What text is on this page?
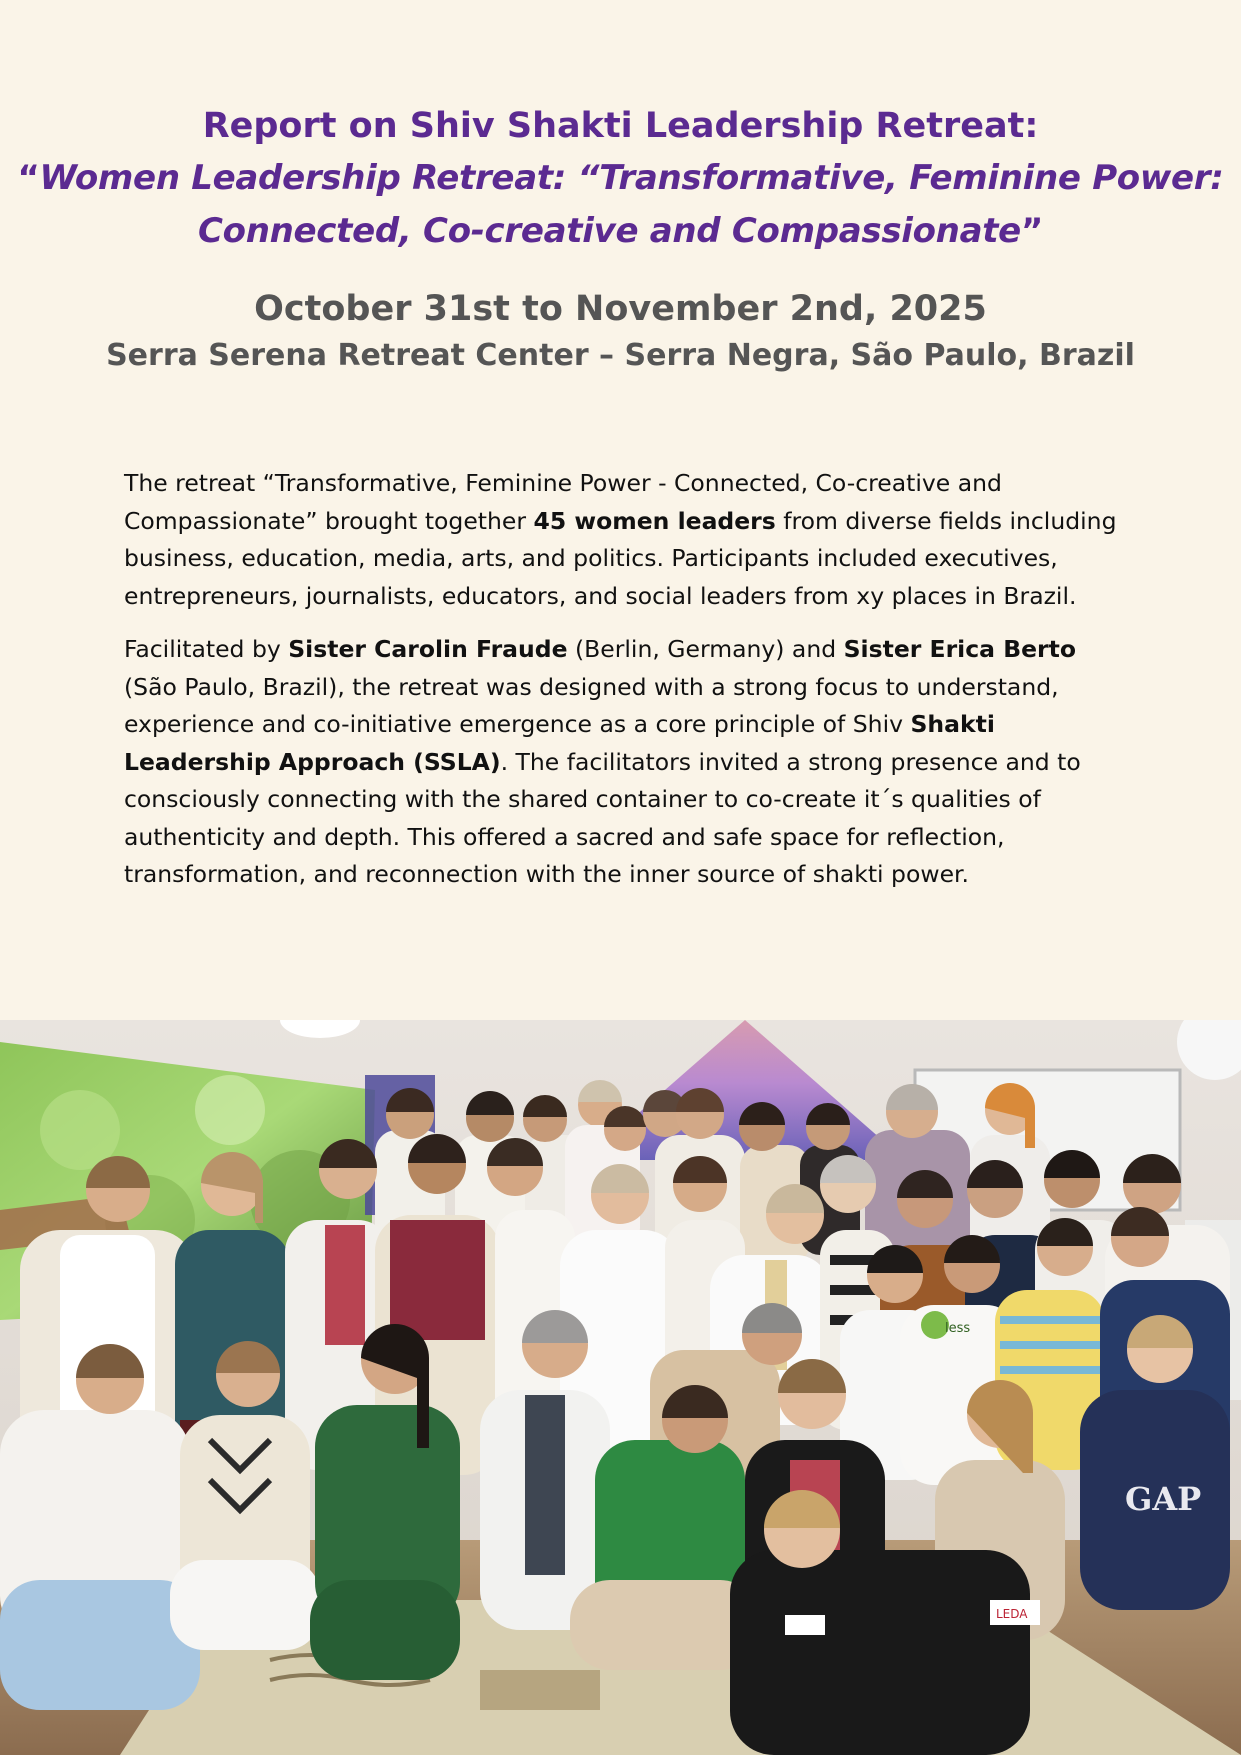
Report on Shiv Shakti Leadership Retreat:

“Women Leadership Retreat: “Transformative, Feminine Power:

Connected, Co-creative and Compassionate”

October 31st to November 2nd, 2025

Serra Serena Retreat Center – Serra Negra, São Paulo, Brazil

The retreat “Transformative, Feminine Power - Connected, Co-creative and Compassionate” brought together 45 women leaders from diverse fields including business, education, media, arts, and politics. Participants included executives, entrepreneurs, journalists, educators, and social leaders from xy places in Brazil.

Facilitated by Sister Carolin Fraude (Berlin, Germany) and Sister Erica Berto (São Paulo, Brazil), the retreat was designed with a strong focus to understand, experience and co-initiative emergence as a core principle of Shiv Shakti Leadership Approach (SSLA). The facilitators invited a strong presence and to consciously connecting with the shared container to co-create it´s qualities of authenticity and depth. This offered a sacred and safe space for reflection, transformation, and reconnection with the inner source of shakti power.

less
GAP
LEDA
